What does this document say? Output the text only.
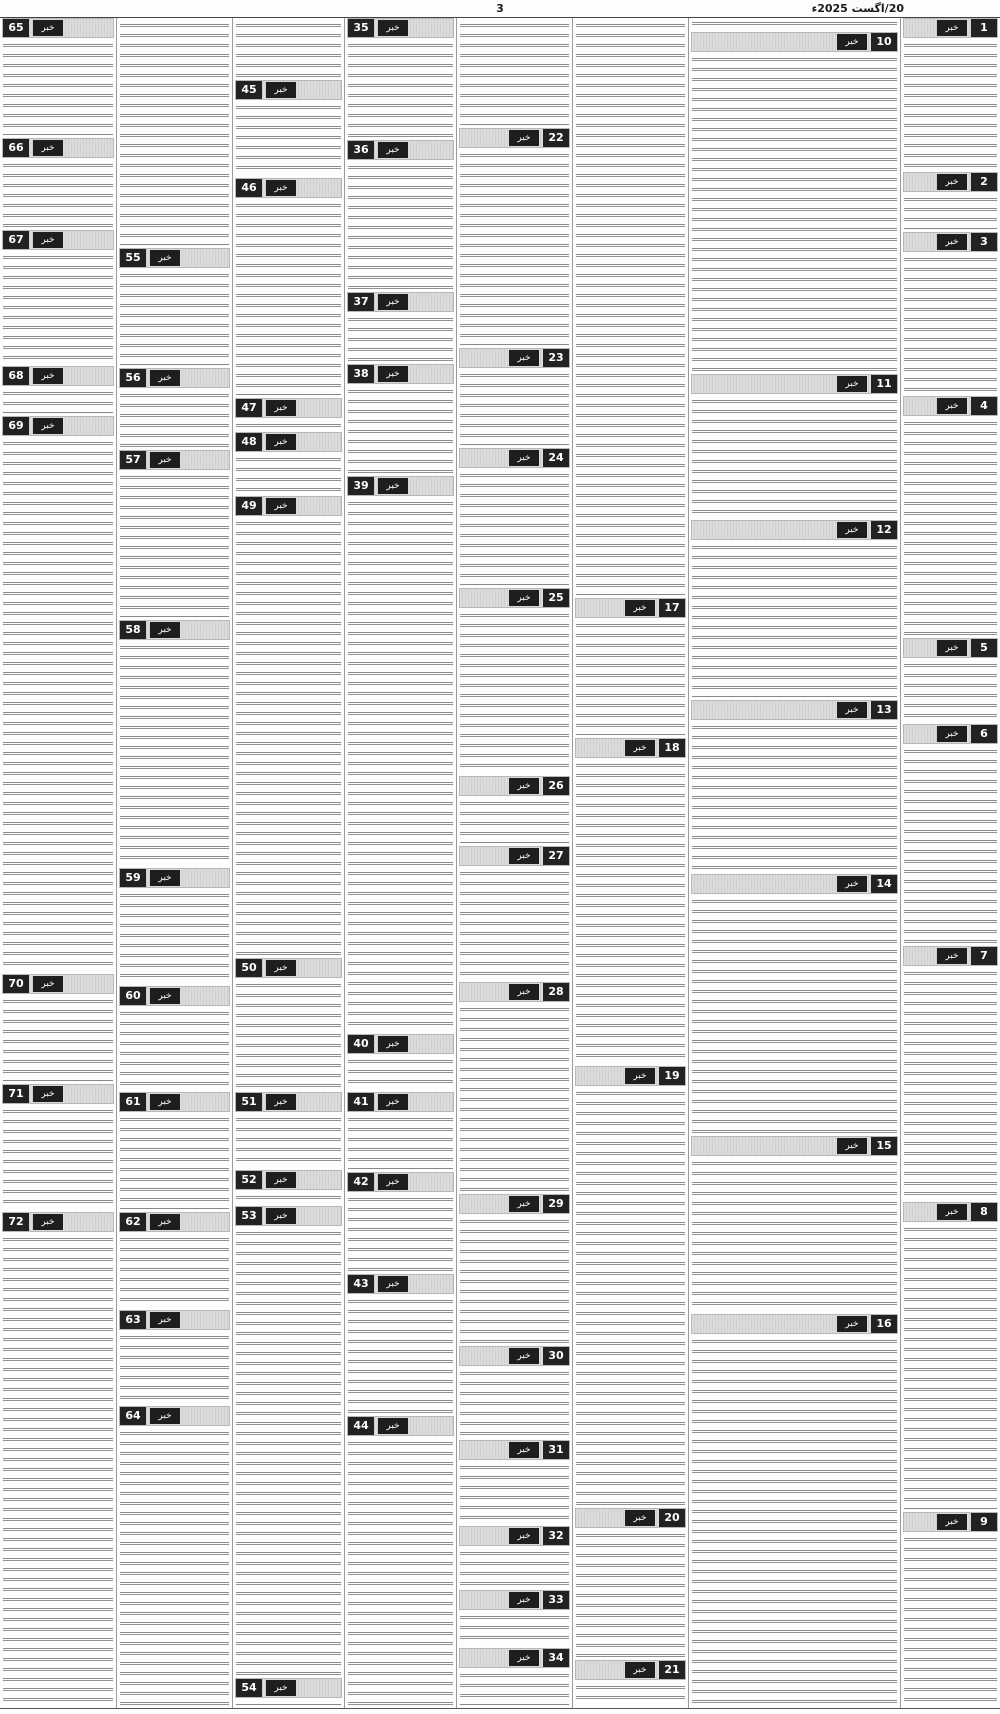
3	20/اگست 2025ء
1
خبر
2
خبر
3
خبر
4
خبر
5
خبر
6
خبر
7
خبر
8
خبر
9
خبر
10
خبر
11
خبر
12
خبر
13
خبر
14
خبر
15
خبر
16
خبر
17
خبر
18
خبر
19
خبر
20
خبر
21
خبر
22
خبر
23
خبر
24
خبر
25
خبر
26
خبر
27
خبر
28
خبر
29
خبر
30
خبر
31
خبر
32
خبر
33
خبر
34
خبر
35	خبر
36	خبر
37	خبر
38	خبر
39	خبر
40	خبر
41	خبر
42	خبر
43	خبر
44	خبر
45	خبر
46	خبر
47	خبر
48	خبر
49	خبر
50	خبر
51	خبر
52	خبر
53	خبر
54	خبر
55	خبر
56	خبر
57	خبر
58	خبر
59	خبر
60	خبر
61	خبر
62	خبر
63	خبر
64	خبر
65	خبر
66	خبر
67	خبر
68	خبر
69	خبر
70	خبر
71	خبر
72	خبر
